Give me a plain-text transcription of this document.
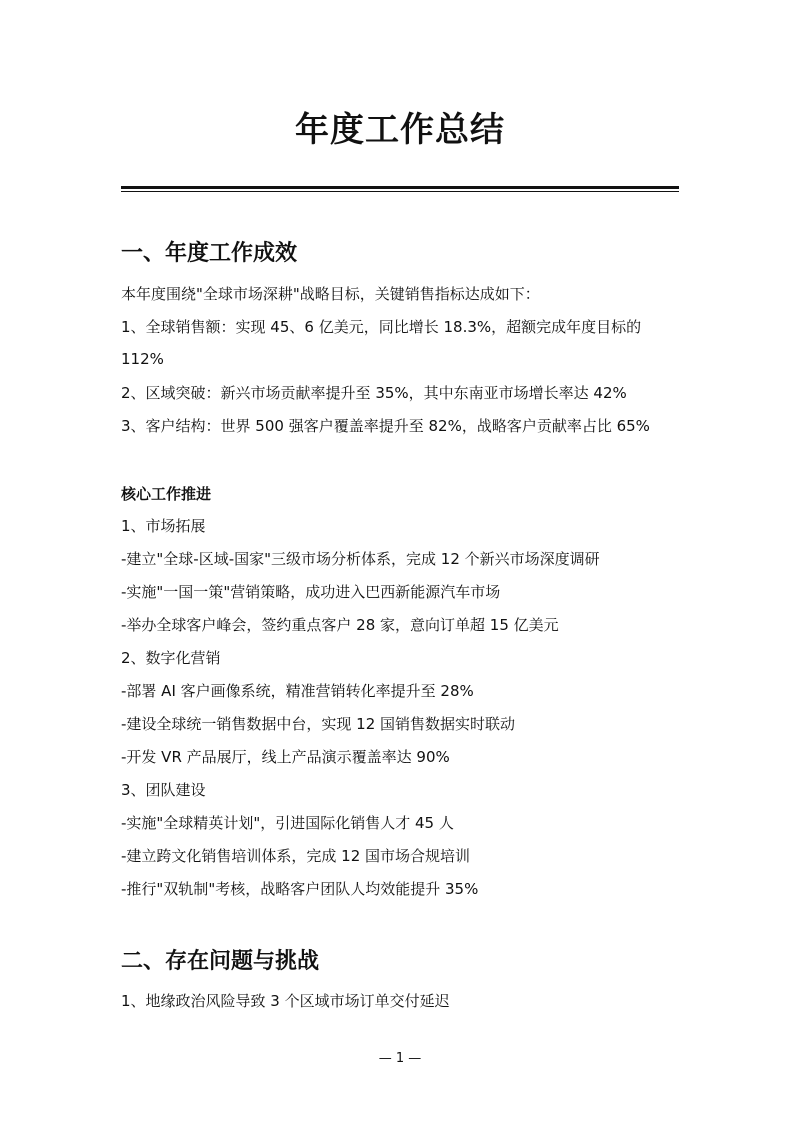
年度工作总结
一、年度工作成效

本年度围绕"全球市场深耕"战略目标，关键销售指标达成如下：

1、全球销售额：实现 45、6 亿美元，同比增长 18.3%，超额完成年度目标的

112%

2、区域突破：新兴市场贡献率提升至 35%，其中东南亚市场增长率达 42%

3、客户结构：世界 500 强客户覆盖率提升至 82%，战略客户贡献率占比 65%

核心工作推进

1、市场拓展

-建立"全球-区域-国家"三级市场分析体系，完成 12 个新兴市场深度调研

-实施"一国一策"营销策略，成功进入巴西新能源汽车市场

-举办全球客户峰会，签约重点客户 28 家，意向订单超 15 亿美元

2、数字化营销

-部署 AI 客户画像系统，精准营销转化率提升至 28%

-建设全球统一销售数据中台，实现 12 国销售数据实时联动

-开发 VR 产品展厅，线上产品演示覆盖率达 90%

3、团队建设

-实施"全球精英计划"，引进国际化销售人才 45 人

-建立跨文化销售培训体系，完成 12 国市场合规培训

-推行"双轨制"考核，战略客户团队人均效能提升 35%

二、存在问题与挑战

1、地缘政治风险导致 3 个区域市场订单交付延迟

— 1 —
